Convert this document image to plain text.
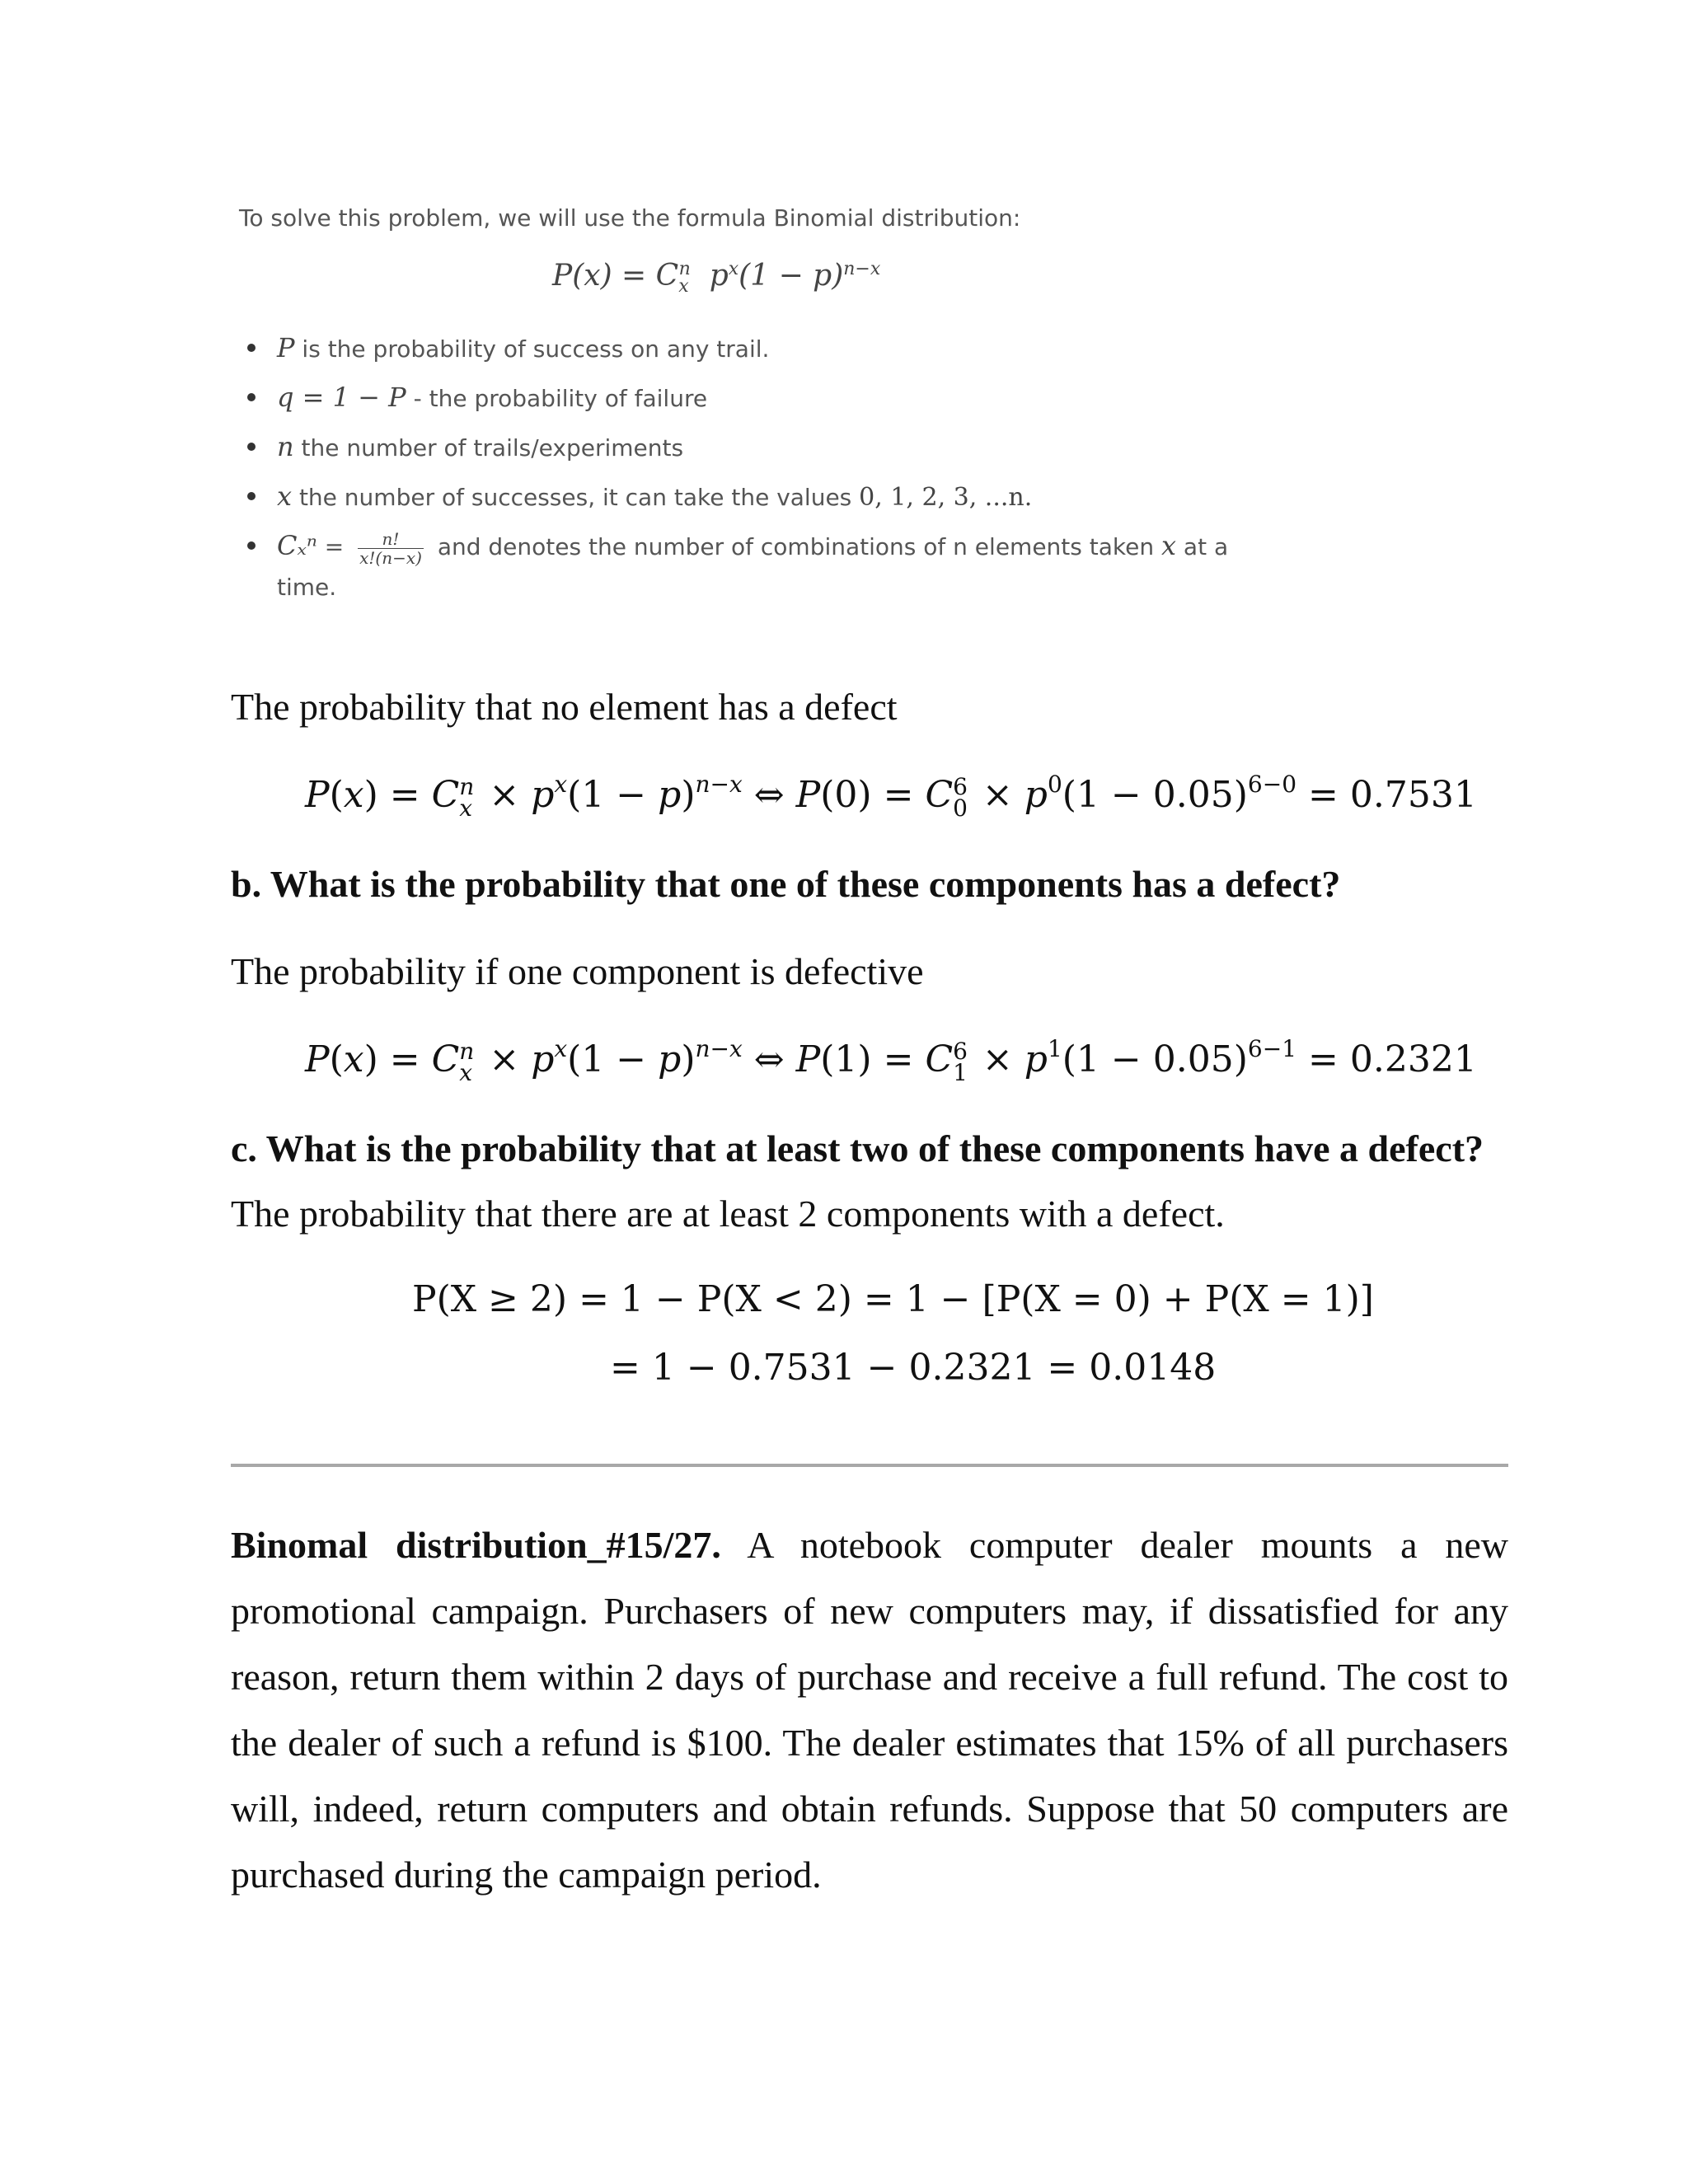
To solve this problem, we will use the formula Binomial distribution:

$P(x) = C_x^n$  $p^x(1 - p)^{n-x}$
P is the probability of success on any trail.
q = 1 − P - the probability of failure
n the number of trails/experiments
x the number of successes, it can take the values 0, 1, 2, 3, ...n.
$C_x^n = \frac{n!}{x!(n-x)}$ and denotes the number of combinations of n elements taken x at a
time.

The probability that no element has a defect

P(x) = C n
$x \times p^x(1 - p)^{n-x}$ ⇔ P(0) = C 6
$0 \times p^0(1 - 0.05)^{6-0} = 0.7531$

b. What is the probability that one of these components has a defect?

The probability if one component is defective

P(x) = C n
$x \times p^x(1 - p)^{n-x}$ ⇔ P(1) = C 6
$1 \times p^1(1 - 0.05)^{6-1} = 0.2321$

c. What is the probability that at least two of these components have a defect?

The probability that there are at least 2 components with a defect.

P(X ≥ 2) = 1 − P(X < 2) = 1 − [P(X = 0) + P(X = 1)]
= 1 − 0.7531 − 0.2321 = 0.0148

Binomal distribution_#15/27. A notebook computer dealer mounts a new promotional campaign. Purchasers of new computers may, if dissatisfied for any reason, return them within 2 days of purchase and receive a full refund. The cost to the dealer of such a refund is $100. The dealer estimates that 15% of all purchasers will, indeed, return computers and obtain refunds. Suppose that 50 computers are purchased during the campaign period.
